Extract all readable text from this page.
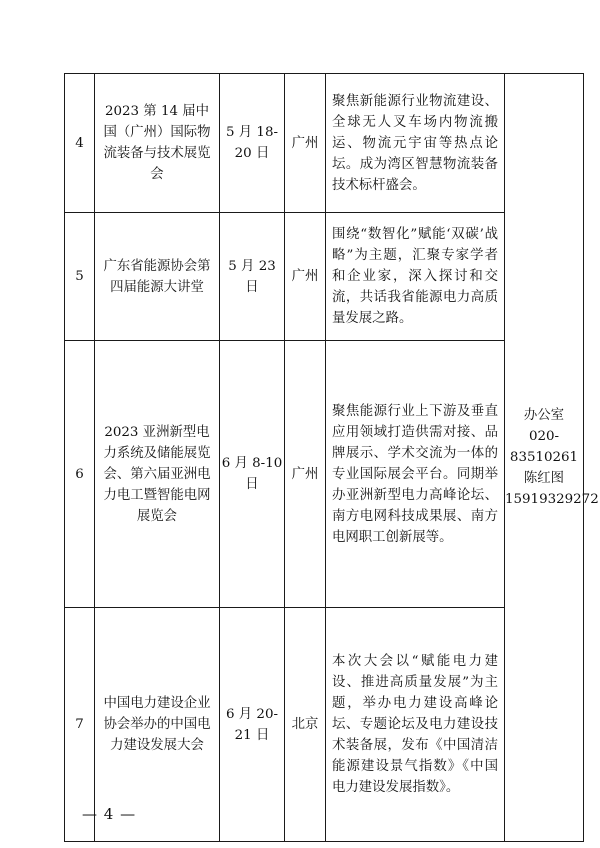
4	2023 第 14 届中国（广州）国际物流装备与技术展览会	5 月 18-20 日	广州	聚焦新能源行业物流建设、全球无人叉车场内物流搬运、物流元宇宙等热点论坛。成为湾区智慧物流装备技术标杆盛会。	办公室
020-83510261
陈红图
15919329272

5	广东省能源协会第四届能源大讲堂	5 月 23 日	广州	围绕“数智化”赋能‘双碳’战略”为主题，汇聚专家学者和企业家，深入探讨和交流，共话我省能源电力高质量发展之路。	
6	2023 亚洲新型电力系统及储能展览会、第六届亚洲电力电工暨智能电网展览会	6 月 8-10 日	广州	聚焦能源行业上下游及垂直应用领域打造供需对接、品牌展示、学术交流为一体的专业国际展会平台。同期举办亚洲新型电力高峰论坛、南方电网科技成果展、南方电网职工创新展等。	
7	中国电力建设企业协会举办的中国电力建设发展大会	6 月 20-21 日	北京	本次大会以“赋能电力建设、推进高质量发展”为主题，举办电力建设高峰论坛、专题论坛及电力建设技术装备展，发布《中国清洁能源建设景气指数》《中国电力建设发展指数》。	
— 4 —
